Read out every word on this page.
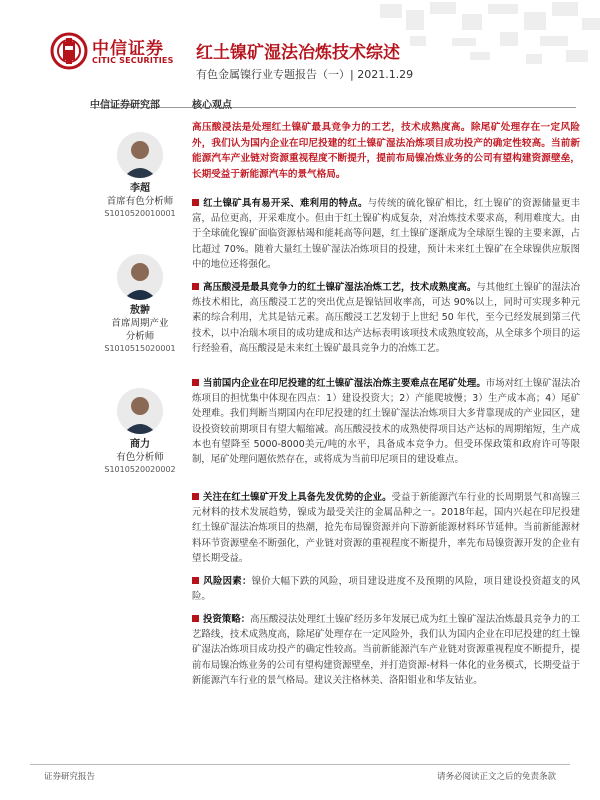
中信证券
CITIC SECURITIES 红土镍矿湿法冶炼技术综述
有色金属镍行业专题报告（一）| 2021.1.29
中信证券研究部
李超
首席有色分析师
S1010520010001
敖翀
首席周期产业
分析师
S1010515020001
商力
有色分析师
S1010520020002
核心观点
高压酸浸法是处理红土镍矿最具竞争力的工艺，技术成熟度高。除尾矿处理存在一定风险外，我们认为国内企业在印尼投建的红土镍矿湿法冶炼项目成功投产的确定性较高。当前新能源汽车产业链对资源重视程度不断提升，提前布局镍冶炼业务的公司有望构建资源壁垒，长期受益于新能源汽车的景气格局。
红土镍矿具有易开采、难利用的特点。与传统的硫化镍矿相比，红土镍矿的资源储量更丰富，品位更高，开采难度小。但由于红土镍矿构成复杂，对冶炼技术要求高，利用难度大。由于全球硫化镍矿面临资源枯竭和能耗高等问题，红土镍矿逐渐成为全球原生镍的主要来源，占比超过 70%。随着大量红土镍矿湿法冶炼项目的投建，预计未来红土镍矿在全球镍供应版图中的地位还将强化。
高压酸浸是最具竞争力的红土镍矿湿法冶炼工艺，技术成熟度高。与其他红土镍矿的湿法冶炼技术相比，高压酸浸工艺的突出优点是镍钴回收率高，可达 90%以上，同时可实现多种元素的综合利用，尤其是钴元素。高压酸浸工艺发轫于上世纪 50 年代，至今已经发展到第三代技术，以中冶瑞木项目的成功建成和达产达标表明该项技术成熟度较高，从全球多个项目的运行经验看，高压酸浸是未来红土镍矿最具竞争力的冶炼工艺。
当前国内企业在印尼投建的红土镍矿湿法冶炼主要难点在尾矿处理。市场对红土镍矿湿法冶炼项目的担忧集中体现在四点：1）建设投资大；2）产能爬坡慢；3）生产成本高；4）尾矿处理难。我们判断当期国内在印尼投建的红土镍矿湿法冶炼项目大多背靠现成的产业园区，建设投资较前期项目有望大幅缩减。高压酸浸技术的成熟使得项目达产达标的周期缩短，生产成本也有望降至 5000-8000美元/吨的水平，具备成本竞争力。但受环保政策和政府许可等限制，尾矿处理问题依然存在，或将成为当前印尼项目的建设难点。
关注在红土镍矿开发上具备先发优势的企业。受益于新能源汽车行业的长周期景气和高镍三元材料的技术发展趋势，镍成为最受关注的金属品种之一。2018年起，国内兴起在印尼投建红土镍矿湿法冶炼项目的热潮，抢先布局镍资源并向下游新能源材料环节延伸。当前新能源材料环节资源壁垒不断强化，产业链对资源的重视程度不断提升，率先布局镍资源开发的企业有望长期受益。
风险因素：镍价大幅下跌的风险，项目建设进度不及预期的风险，项目建设投资超支的风险。
投资策略：高压酸浸法处理红土镍矿经历多年发展已成为红土镍矿湿法冶炼最具竞争力的工艺路线，技术成熟度高，除尾矿处理存在一定风险外，我们认为国内企业在印尼投建的红土镍矿湿法冶炼项目成功投产的确定性较高。当前新能源汽车产业链对资源重视程度不断提升，提前布局镍冶炼业务的公司有望构建资源壁垒，并打造资源-材料一体化的业务模式，长期受益于新能源汽车行业的景气格局。建议关注格林美、洛阳钼业和华友钴业。
证券研究报告	请务必阅读正文之后的免责条款
